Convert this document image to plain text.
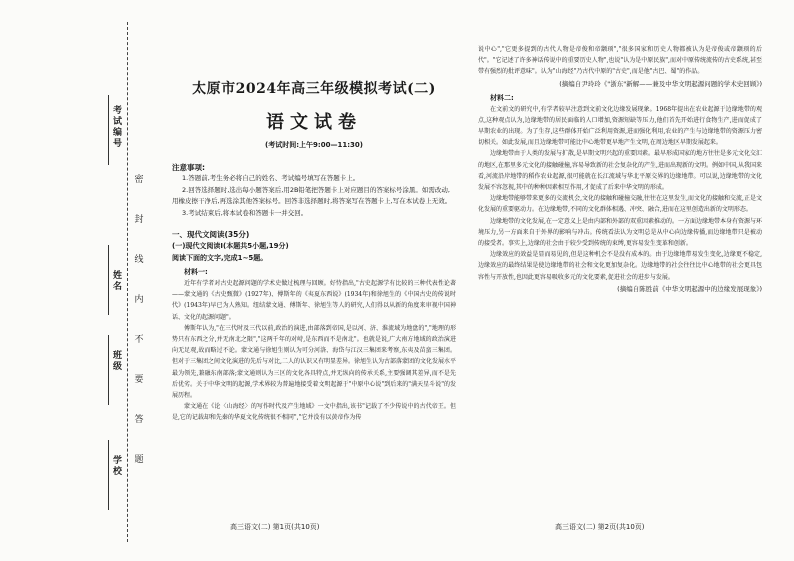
考试编号
姓名
班级
学校
密封线内不要答题
太原市2024年高三年级模拟考试(二)
语文试卷
(考试时间:上午9:00—11:30)
注意事项:
1.答题前,考生务必将自己的姓名、考试编号填写在答题卡上。
2.回答选择题时,选出每小题答案后,用2B铅笔把答题卡上对应题目的答案标号涂黑。如需改动,用橡皮擦干净后,再选涂其他答案标号。回答非选择题时,将答案写在答题卡上,写在本试卷上无效。
3.考试结束后,将本试卷和答题卡一并交回。
一、现代文阅读(35分)
(一)现代文阅读Ⅰ(本题共5小题,19分)
阅读下面的文字,完成1~5题。
材料一:
近年有学者对古史起源问题的学术史做过梳理与回顾。好恃指出,"古史起源学有比较的三种代表性论著——蒙文通的《古史甄微》(1927年)、傅斯年的《夷夏东西说》(1934年)和徐旭生的《中国古史的传说时代》(1943年)早已为人熟知。纽结蒙文通、傅斯年、徐旭生等人的研究,人们得以从新的角度来审视中国神话、文化的起源问题"。
傅斯年认为,"在三代时及三代以前,政治的演进,由部落到帝国,是以河、济、淮流域为地盘的","地理的形势只有东西之分,并无南北之限","这两千年的对峙,是东西而不是南北"。也就是说,广大南方地域的政治演进向无足观,故而略过不论。蒙文通与徐旭生则认为可分河洛、海岱与江汉三集团来考察,东夷及苗蛮三集团。但对于三集团之间文化演进的先后与对比,二人的认识又有明显差异。徐旭生认为古部落蒙团的文化发展水平最为领先,兼融东南部落;蒙文通则认为三区的文化各具特点,并无纵向的传承关系,主要强调其差异,而不是先后优劣。关于中华文明的起源,学术界较为普遍地接受着文明起源于"中原中心说"到后来的"满天星斗说"的发展历程。
蒙文通在《论〈山海经〉的写作时代及产生地域》一文中指出,该书"记载了不少传说中的古代帝王。但是,它的记载却和先秦的华夏文化传统很不相同","它并没有以黄帝作为传
说中心","它更多提到的古代人物是帝俊和帝颛顼","很多国家和历史人物都被认为是帝俊或帝颛顼的后代"。"它记述了许多神话传说中的重要历史人物",也说"认为是中原民族",而对中原传统流传的古史系统,甚至带有强烈的批评意味"。认为"山海经"乃古代中原的"古史",而是他"古巴、蜀"的作品。
(摘编自尹玲玲《"浙东"新解——兼及中华文明起源问题的学术史回顾》)
材料二:
在文前文的研究中,有学者较早注意到文前文化边缘发展现象。1968年提出在农业起源于边缘地带的观点,这种观点认为,边缘地带的居民面临的人口增加,资源短缺等压力,他们首先开始进行食物生产,进而促成了早期农业的出现。为了生存,这些群体开始广泛利用资源,进而强化利用,农业的产生与边缘地带的资源压力密切相关。如此发展,而且边缘地带可能比中心地带更早地产生文明,在周边地区早期发展起来。
边缘地带由于人类的发展与扩散,是早期文明兴起的重要因素。最早形成国家的地方往往是多元文化交汇的地区,在那里多元文化的接触碰撞,容易导致新的社会复杂化的产生,进而出现新的文明。例如中国,从我国来看,河流沿岸地带的稻作农业起源,很可能就在长江流域与华北平原交界的边缘地带。可以说,边缘地带的文化发展不容忽视,其中的种种因素相互作用,才促成了后来中华文明的形成。
边缘地带能够带来更多的交流机会,文化的接触和碰撞交融,往往在这里发生,而文化的接触和交流,正是文化发展的重要驱动力。在边缘地带,不同的文化群体相遇、冲突、融合,进而在这里创造出新的文明形态。
边缘地带的文化发展,在一定意义上是由内部和外部的双重因素推动的。一方面边缘地带本身有资源与环境压力,另一方面来自于外界的影响与冲击。传统看法认为文明总是从中心向边缘传播,而边缘地带只是被动的接受者。事实上,边缘的社会由于较少受到传统的束缚,更容易发生变革和创新。
边缘效应的效益是显而易见的,但是这种机会不是没有成本的。由于边缘地带易发生变化,边缘更不稳定,边缘效应的最终结果是使边缘地带的社会和文化更加复杂化。边缘地带的社会往往比中心地带的社会更具包容性与开放性,也因此更容易吸收多元的文化要素,促进社会的进步与发展。
(摘编自陈胜前《中华文明起源中的边缘发展现象》)
高三语文(二) 第1页(共10页)	高三语文(二) 第2页(共10页)
